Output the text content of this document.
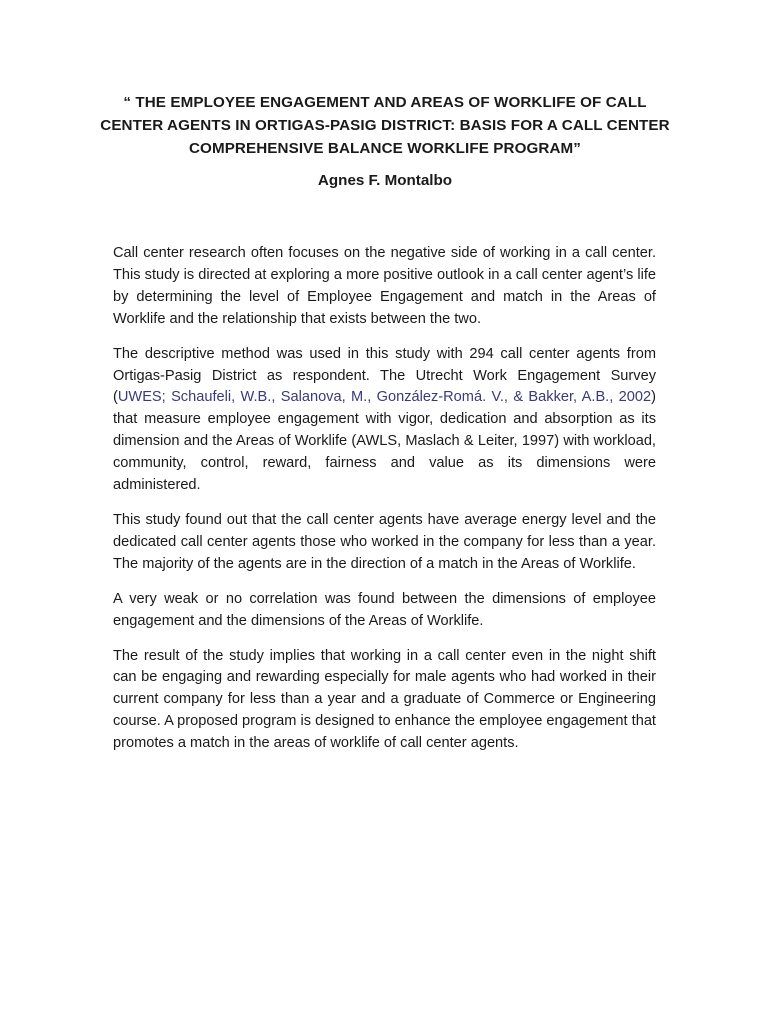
“ THE EMPLOYEE ENGAGEMENT AND AREAS OF WORKLIFE OF CALL CENTER AGENTS IN ORTIGAS-PASIG DISTRICT: BASIS FOR A CALL CENTER COMPREHENSIVE BALANCE WORKLIFE PROGRAM”
Agnes F. Montalbo

Call center research often focuses on the negative side of working in a call center. This study is directed at exploring a more positive outlook in a call center agent’s life by determining the level of Employee Engagement and match in the Areas of Worklife and the relationship that exists between the two.

The descriptive method was used in this study with 294 call center agents from Ortigas-Pasig District as respondent. The Utrecht Work Engagement Survey (UWES; Schaufeli, W.B., Salanova, M., González-Romá. V., & Bakker, A.B., 2002) that measure employee engagement with vigor, dedication and absorption as its dimension and the Areas of Worklife (AWLS, Maslach & Leiter, 1997) with workload, community, control, reward, fairness and value as its dimensions were administered.

This study found out that the call center agents have average energy level and the dedicated call center agents those who worked in the company for less than a year. The majority of the agents are in the direction of a match in the Areas of Worklife.

A very weak or no correlation was found between the dimensions of employee engagement and the dimensions of the Areas of Worklife.

The result of the study implies that working in a call center even in the night shift can be engaging and rewarding especially for male agents who had worked in their current company for less than a year and a graduate of Commerce or Engineering course. A proposed program is designed to enhance the employee engagement that promotes a match in the areas of worklife of call center agents.
